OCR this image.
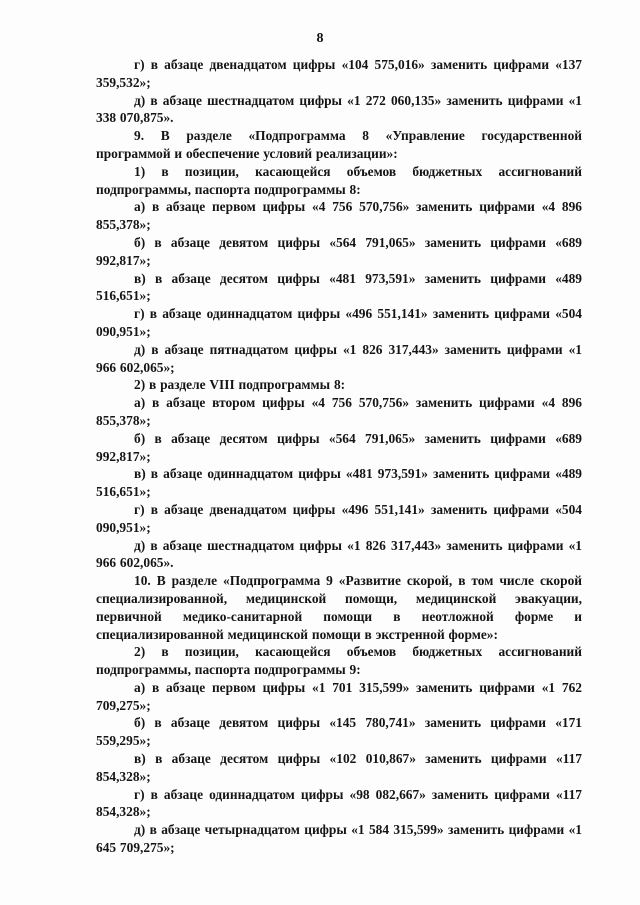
8

г) в абзаце двенадцатом цифры «104 575,016» заменить цифрами «137 359,532»;

д) в абзаце шестнадцатом цифры «1 272 060,135» заменить цифрами «1 338 070,875».

9. В разделе «Подпрограмма 8 «Управление государственной программой и обеспечение условий реализации»:

1) в позиции, касающейся объемов бюджетных ассигнований подпрограммы, паспорта подпрограммы 8:

а) в абзаце первом цифры «4 756 570,756» заменить цифрами «4 896 855,378»;

б) в абзаце девятом цифры «564 791,065» заменить цифрами «689 992,817»;

в) в абзаце десятом цифры «481 973,591» заменить цифрами «489 516,651»;

г) в абзаце одиннадцатом цифры «496 551,141» заменить цифрами «504 090,951»;

д) в абзаце пятнадцатом цифры «1 826 317,443» заменить цифрами «1 966 602,065»;

2) в разделе VIII подпрограммы 8:

а) в абзаце втором цифры «4 756 570,756» заменить цифрами «4 896 855,378»;

б) в абзаце десятом цифры «564 791,065» заменить цифрами «689 992,817»;

в) в абзаце одиннадцатом цифры «481 973,591» заменить цифрами «489 516,651»;

г) в абзаце двенадцатом цифры «496 551,141» заменить цифрами «504 090,951»;

д) в абзаце шестнадцатом цифры «1 826 317,443» заменить цифрами «1 966 602,065».

10. В разделе «Подпрограмма 9 «Развитие скорой, в том числе скорой специализированной, медицинской помощи, медицинской эвакуации, первичной медико-санитарной помощи в неотложной форме и специализированной медицинской помощи в экстренной форме»:

2) в позиции, касающейся объемов бюджетных ассигнований подпрограммы, паспорта подпрограммы 9:

а) в абзаце первом цифры «1 701 315,599» заменить цифрами «1 762 709,275»;

б) в абзаце девятом цифры «145 780,741» заменить цифрами «171 559,295»;

в) в абзаце десятом цифры «102 010,867» заменить цифрами «117 854,328»;

г) в абзаце одиннадцатом цифры «98 082,667» заменить цифрами «117 854,328»;

д) в абзаце четырнадцатом цифры «1 584 315,599» заменить цифрами «1 645 709,275»;
